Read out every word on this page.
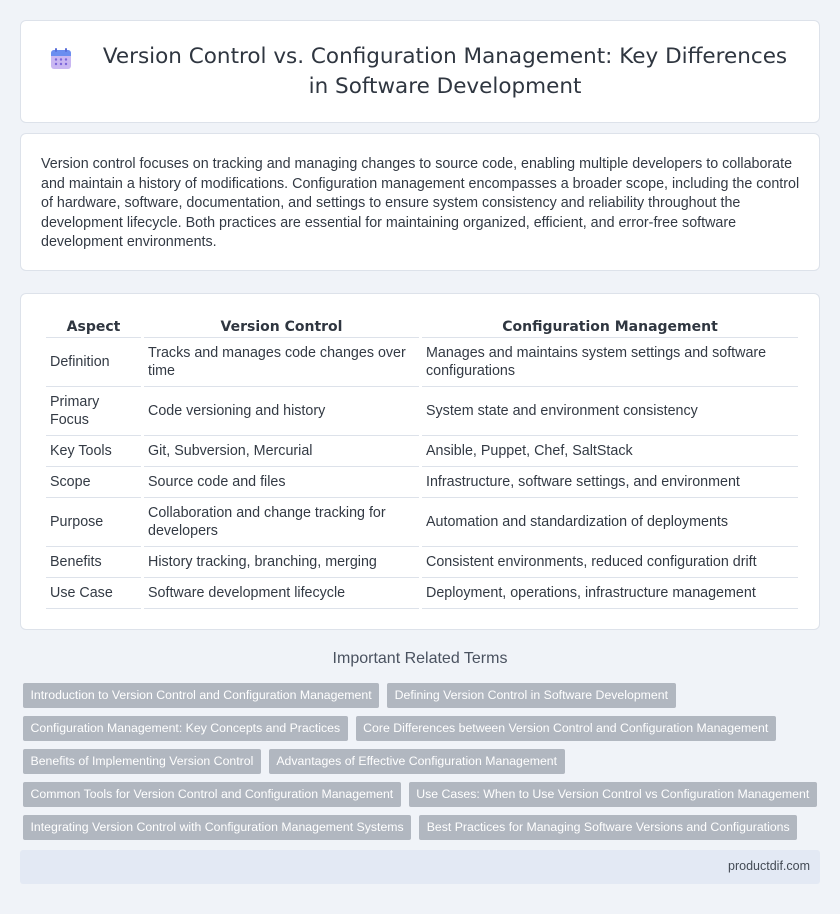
Version Control vs. Configuration Management: Key Differences in Software Development

Version control focuses on tracking and managing changes to source code, enabling multiple developers to collaborate and maintain a history of modifications. Configuration management encompasses a broader scope, including the control of hardware, software, documentation, and settings to ensure system consistency and reliability throughout the development lifecycle. Both practices are essential for maintaining organized, efficient, and error-free software development environments.

Aspect	Version Control	Configuration Management
Definition	Tracks and manages code changes over time	Manages and maintains system settings and software configurations
Primary Focus	Code versioning and history	System state and environment consistency
Key Tools	Git, Subversion, Mercurial	Ansible, Puppet, Chef, SaltStack
Scope	Source code and files	Infrastructure, software settings, and environment
Purpose	Collaboration and change tracking for developers	Automation and standardization of deployments
Benefits	History tracking, branching, merging	Consistent environments, reduced configuration drift
Use Case	Software development lifecycle	Deployment, operations, infrastructure management
Important Related Terms
Introduction to Version Control and Configuration Management	Defining Version Control in Software Development
Configuration Management: Key Concepts and Practices	Core Differences between Version Control and Configuration Management
Benefits of Implementing Version Control	Advantages of Effective Configuration Management
Common Tools for Version Control and Configuration Management	Use Cases: When to Use Version Control vs Configuration Management
Integrating Version Control with Configuration Management Systems	Best Practices for Managing Software Versions and Configurations
productdif.com
